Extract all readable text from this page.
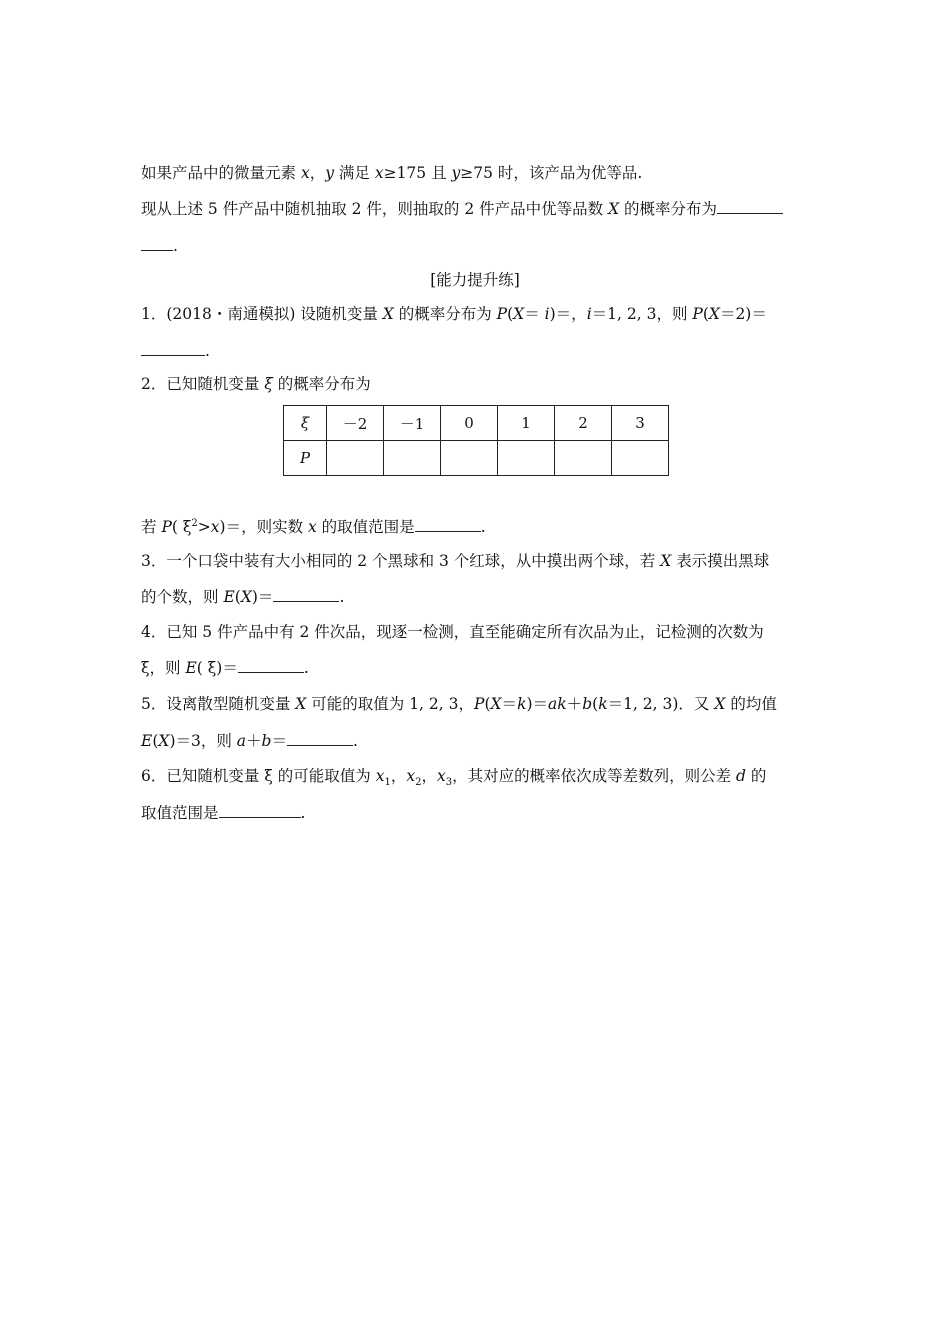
如果产品中的微量元素 x，y 满足 x≥175 且 y≥75 时，该产品为优等品.
现从上述 5 件产品中随机抽取 2 件，则抽取的 2 件产品中优等品数 X 的概率分布为
.
[能力提升练]
1．(2018・南通模拟) 设随机变量 X 的概率分布为 P(X＝ i)＝，i＝1, 2, 3，则 P(X＝2)＝
.
2．已知随机变量 ξ 的概率分布为
ξ	－2	－1	0	1	2	3
P						
若 P( $\xi^2>x)=$，则实数 x 的取值范围是	.
3．一个口袋中装有大小相同的 2 个黑球和 3 个红球，从中摸出两个球，若 X 表示摸出黑球
的个数，则 E(X)＝	.
4．已知 5 件产品中有 2 件次品，现逐一检测，直至能确定所有次品为止，记检测的次数为
ξ，则 E( ξ)＝	.
5．设离散型随机变量 X 可能的取值为 1, 2, 3，P(X＝k)＝ak＋b(k＝1, 2, 3)．又 X 的均值
E(X)＝3，则 a＋b＝	.
6．已知随机变量 ξ 的可能取值为 $x_1$，$x_2$，$x_3$，其对应的概率依次成等差数列，则公差 d 的
取值范围是	.
